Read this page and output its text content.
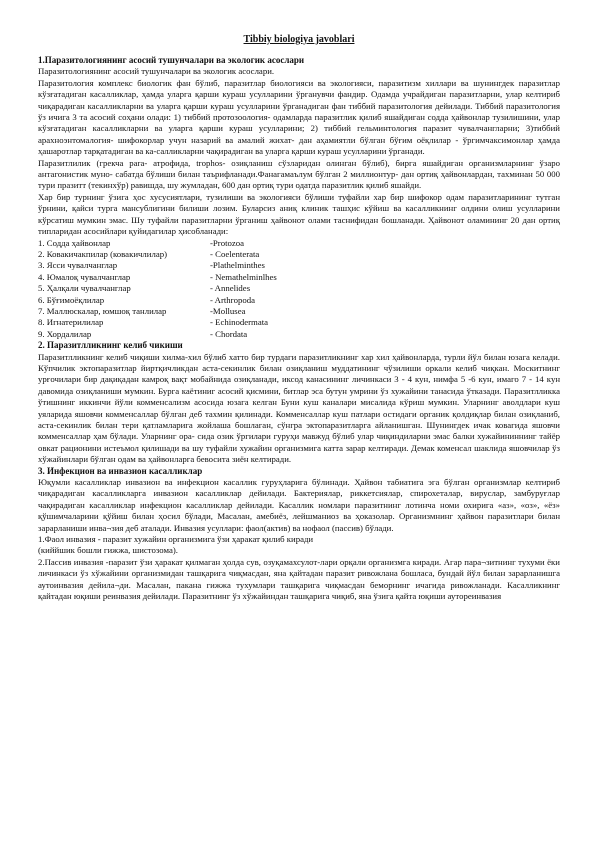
Tibbiy biologiya javoblari
1.Паразитологиянинг асосий тушунчалари ва экологик асослари
Паразитологиянинг асосий тушунчалари ва экологик асослари.
Паразитология комплекс биологик фан бўлиб, паразитлар биологияси ва экологияси, паразитизм хиллари ва шунингдек паразитлар кўзғатадиган касалликлар, ҳамда уларга қарши кураш усулларини ўрганувчи фандир. Одамда учрайдиган паразитларни, улар келтириб чиқарадиган касалликларни ва уларга қарши кураш усулларини ўрганадиган фан тиббий паразитология дейилади. Тиббий паразитология ўз ичига 3 та асосий соҳани олади: 1) тиббий протозоология- одамларда паразитлик қилиб яшайдиган содда ҳайвонлар тузилишини, улар кўзғатадиган касалликларни ва уларга қарши кураш усулларини; 2) тиббий гельминтология паразит чувалчангларни; 3)тиббий арахноэнтомалогия- шифокорлар учун назарий ва амалий жихат- дан аҳамиятли бўлган бўғим оёқлилар - ўргимчаксимонлар ҳамда ҳашаротлар тарқатадиган ва ка-салликларни чақирадиган ва уларга қарши кураш усулларини ўрганади.
Паразитлилик (грекча para- атрофида, trophos- озиқланиш сўзларидан олинган бўлиб), бирга яшайдиган организмларнинг ўзаро антагонистик муно- сабатда бўлиши билан таърифланади.Фанагамаълум бўлган 2 миллионтур- дан ортиқ ҳайвонлардан, тахминан 50 000 тури празитт (текинхўр) равишда, шу жумладан, 600 дан ортиқ тури одатда паразитлик қилиб яшайди.
Хар бир турнинг ўзига ҳос хусусиятлари, тузилиши ва экологияси бўлиши туфайли хар бир шифокор одам паразитларининг тутган ўрнини, қайси турга мансублигини билиши лозим. Буларсиз аниқ клиник ташҳис кўйиш ва касалликнинг олдини олиш усулларини кўрсатиш мумкин эмас. Шу туфайли паразитларни ўрганиш ҳайвонот олами таснифидан бошланади. Ҳайвонот оламининг 20 дан ортиқ типларидан асосийлари қуйидагилар ҳисобланади:
1. Содда ҳайвонлар	-Protozoa
2. Ковакичакпилар (ковакичлилар)	- Coelenterata
3. Ясси чувалчанглар	-Plathelminthes
4. Юмалоқ чувалчанглар	- Nemathelminlhes
5. Ҳалқали чувалчанглар	- Annelides
6. Бўғимоёқлилар	- Arthropoda
7. Маллюскалар, юмшоқ танлилар	-Mollusea
8. Игнатерилилар	- Echinodermata
9. Хордалилар	- Chordata
2. Паразитлликнинг келиб чикиши
Паразитлликнинг келиб чиқиши хилма-хил бўлиб хатто бир турдаги паразитликнинг хар хил ҳайвонларда, турли йўл билан юзага келади. Кўпчилик эктопаразитлар йиртқичликдан аста-секинлик билан озиқланиш муддатининг чўзилиши оркали келиб чиқкан. Москитнинг урғочилари бир дақиқадан камроқ вақт мобайнида озиқланади, иксод канасининг личинкаси 3 - 4 кун, нимфа 5 -6 кун, имаго 7 - 14 кун давомида озиқланиши мумкин. Бурга каётиниг асосий қисмини, битлар эса бутун умрини ўз хужайини танасида ўтказади. Паразитлликка ўтишнинг иккинчи йўли комменсализм асосида юзага келган Буни куш каналари мисалида кўриш мумкин. Уларнинг аволдлари куш уяларида яшовчи комменсаллар бўлган деб тахмин қилинади. Комменсаллар куш патлари остидаги органик қолдиқлар билан озиқланиб, аста-секинлик билан тери қатламларига жойлаша бошлаган, сўнгра эктопаразитларга айланишган. Шунингдек ичак ковагида яшовчи комменсаллар ҳам бўлади. Уларнинг ора- сида озик ўргилари гуруҳи мавжуд бўлиб улар чиқиндиларни эмас балки хужайининнинг тайёр овкат рационини истеъмол қилишади ва шу туфайли хужайин организмига катта зарар келтиради. Демак коменсал шаклида яшовчилар ўз хўжайинлари бўлган одам ва ҳайвонларга бевосита зиён келтиради.
3. Инфекцион ва инвазион касалликлар
Юқумли касалликлар инвазион ва инфекцион касаллик гуруҳларига бўлинади. Ҳайвон табиатига эга бўлган организмлар келтириб чиқарадиган касалликларга инвазион касалликлар дейилади. Бактериялар, риккетсиялар, спирохеталар, вируслар, замбуруғлар чақирадиган касалликлар инфекцион касалликлар дейилади. Касаллик номлари паразитнинг лотинча номи охирига «аз», «оз», «ёз» қўшимчаларини қўйиш билан ҳосил бўлади, Масалан, амебиёз, лейшманиоз ва ҳоказолар. Организмнинг ҳайвон паразитлари билан зарарланиши инва¬зия деб аталади. Инвазия усуллари: фаол(актив) ва нофаол (пассив) бўлади.
1.Фаол инвазия - паразит хужайин организмига ўзи ҳаракат қилиб киради
(киййшик бошли гижжа, шистозома).
2.Пассив инвазия -паразит ўзи ҳаракат қилмаган ҳолда сув, озуқамахсулот-лари орқали организмга киради. Агар пара¬зитнинг тухуми ёки личинкаси ўз хўжайини организмидан ташқарига чиқмасдан, яна қайтадан паразит ривожлана бошласа, бундай йўл билан зарарланишга аутоинвазия дейила¬ди. Масалан, пакана гижжа тухумлари ташқарига чиқмасдан беморнинг ичагида ривожланади. Касалликнинг қайтадан юқиши реинвазия дейилади. Паразитнинг ўз хўжайиндан ташқарига чиқиб, яна ўзига қайта юқиши аутореинвазия
